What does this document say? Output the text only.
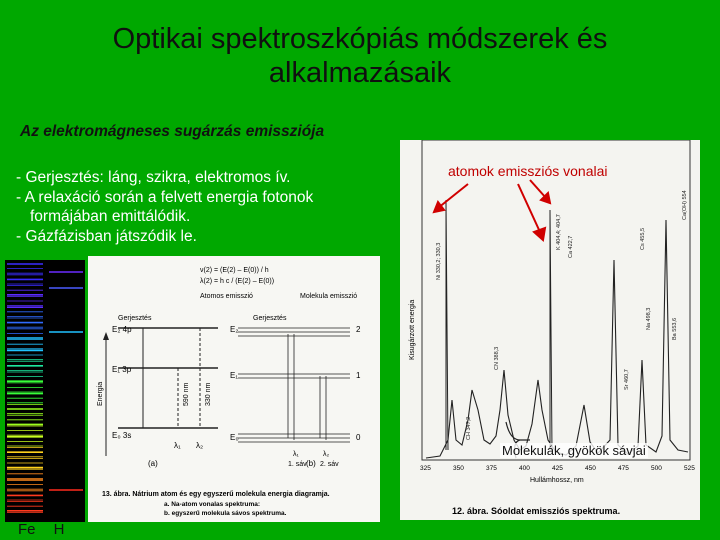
Optikai spektroszkópiás módszerek és alkalmazásaik
Az elektromágneses sugárzás emissziója
- Gerjesztés: láng, szikra, elektromos ív.
- A relaxáció során a felvett energia fotonok
formájában emittálódik.
- Gázfázisban játszódik le.
Fe H
ν(2) = (E(2) – E(0)) / h
λ(2) = h c / (E(2) – E(0))
Atomos emisszió	Molekula emisszió
Gerjesztés	Gerjesztés
E₂ 4p
E₁ 3p
E₀ 3s
Energia	590 nm 330 nm
λ₁ λ₂
(a)
E₂
E₁
E₀
2
1
0
λ₁	λ₂
1. sáv 2. sáv
(b)
13. ábra. Nátrium atom és egy egyszerű molekula energia diagramja.
a. Na-atom vonalas spektruma:
b. egyszerű molekula sávos spektruma.
Kisugárzott energia
325	350	375	400	425	450	475	500	525
Hullámhossz, nm
Ni 330,2; 330,3
K 404,4; 404,7 Ca 422,7
Ca(OH) 554
CH 347,2
CN 388,3
Na 498,3	Ba 553,6
Sr 460,7
Cs 455,5
12. ábra. Sóoldat emissziós spektruma.
atomok emissziós vonalai
Molekulák, gyökök sávjai
